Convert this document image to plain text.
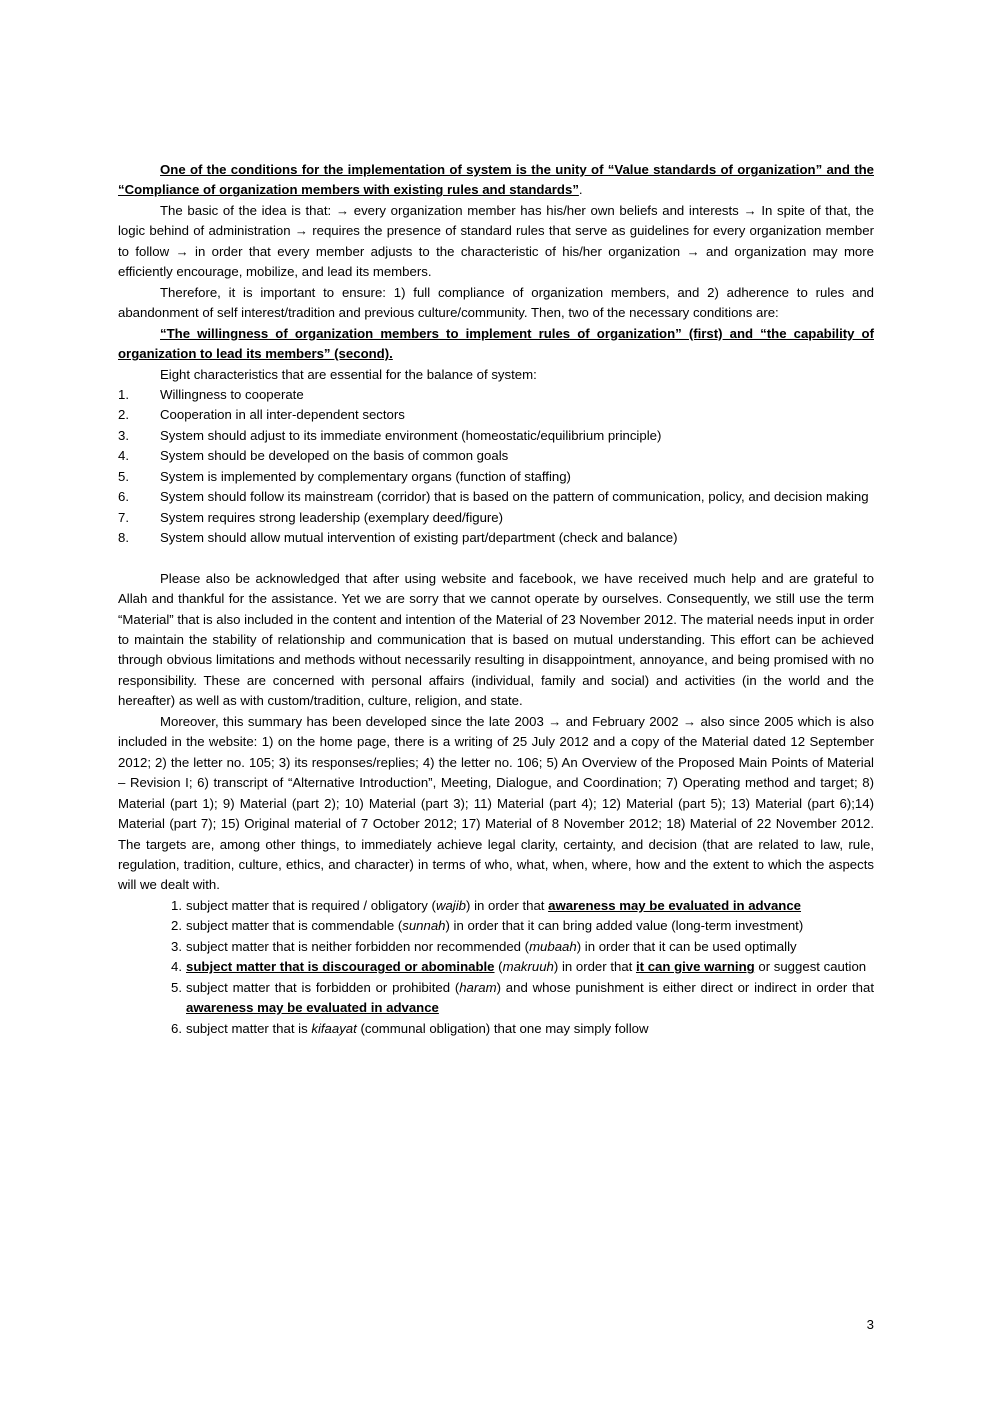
One of the conditions for the implementation of system is the unity of “Value standards of organization” and the “Compliance of organization members with existing rules and standards”.

The basic of the idea is that: → every organization member has his/her own beliefs and interests → In spite of that, the logic behind of administration → requires the presence of standard rules that serve as guidelines for every organization member to follow → in order that every member adjusts to the characteristic of his/her organization → and organization may more efficiently encourage, mobilize, and lead its members.

Therefore, it is important to ensure: 1) full compliance of organization members, and 2) adherence to rules and abandonment of self interest/tradition and previous culture/community. Then, two of the necessary conditions are:

“The willingness of organization members to implement rules of organization” (first) and “the capability of organization to lead its members” (second).

Eight characteristics that are essential for the balance of system:

1.	Willingness to cooperate
2.	Cooperation in all inter-dependent sectors
3.	System should adjust to its immediate environment (homeostatic/equilibrium principle)
4.	System should be developed on the basis of common goals
5.	System is implemented by complementary organs (function of staffing)
6.	System should follow its mainstream (corridor) that is based on the pattern of communication, policy, and decision making
7.	System requires strong leadership (exemplary deed/figure)
8.	System should allow mutual intervention of existing part/department (check and balance)

Please also be acknowledged that after using website and facebook, we have received much help and are grateful to Allah and thankful for the assistance. Yet we are sorry that we cannot operate by ourselves. Consequently, we still use the term “Material” that is also included in the content and intention of the Material of 23 November 2012. The material needs input in order to maintain the stability of relationship and communication that is based on mutual understanding. This effort can be achieved through obvious limitations and methods without necessarily resulting in disappointment, annoyance, and being promised with no responsibility. These are concerned with personal affairs (individual, family and social) and activities (in the world and the hereafter) as well as with custom/tradition, culture, religion, and state.

Moreover, this summary has been developed since the late 2003 → and February 2002 → also since 2005 which is also included in the website: 1) on the home page, there is a writing of 25 July 2012 and a copy of the Material dated 12 September 2012; 2) the letter no. 105; 3) its responses/replies; 4) the letter no. 106; 5) An Overview of the Proposed Main Points of Material – Revision I; 6) transcript of “Alternative Introduction”, Meeting, Dialogue, and Coordination; 7) Operating method and target; 8) Material (part 1); 9) Material (part 2); 10) Material (part 3); 11) Material (part 4); 12) Material (part 5); 13) Material (part 6);14) Material (part 7); 15) Original material of 7 October 2012; 17) Material of 8 November 2012; 18) Material of 22 November 2012. The targets are, among other things, to immediately achieve legal clarity, certainty, and decision (that are related to law, rule, regulation, tradition, culture, ethics, and character) in terms of who, what, when, where, how and the extent to which the aspects will we dealt with.

1. subject matter that is required / obligatory (wajib) in order that awareness may be evaluated in advance
2. subject matter that is commendable (sunnah) in order that it can bring added value (long-term investment)
3. subject matter that is neither forbidden nor recommended (mubaah) in order that it can be used optimally
4. subject matter that is discouraged or abominable (makruuh) in order that it can give warning or suggest caution
5. subject matter that is forbidden or prohibited (haram) and whose punishment is either direct or indirect in order that awareness may be evaluated in advance
6. subject matter that is kifaayat (communal obligation) that one may simply follow
3
